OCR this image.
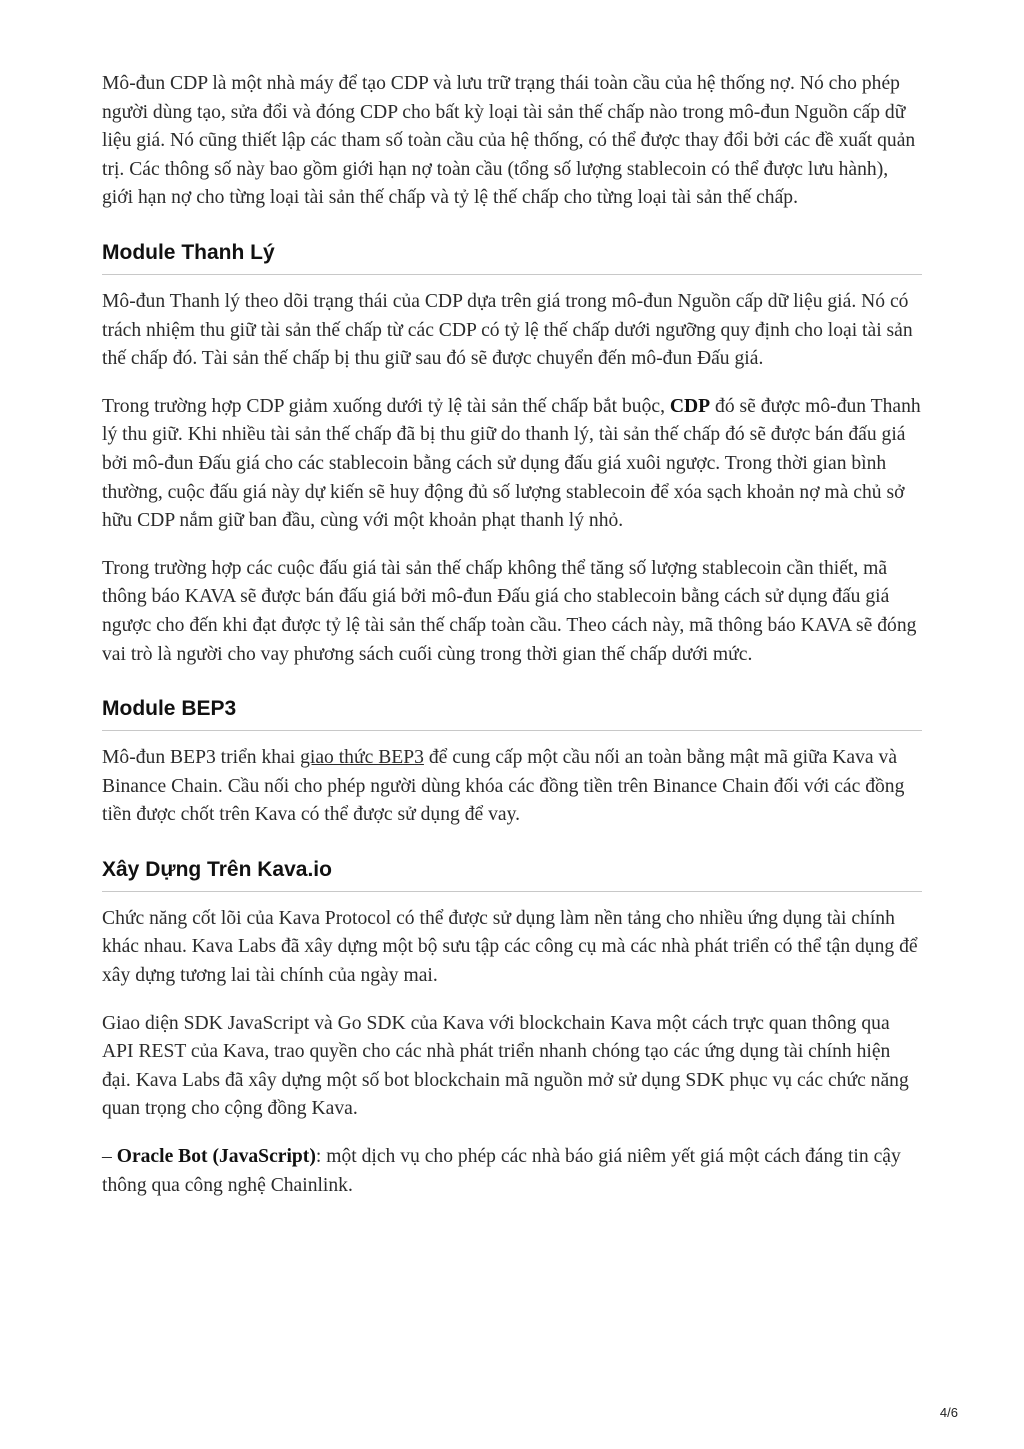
Mô-đun CDP là một nhà máy để tạo CDP và lưu trữ trạng thái toàn cầu của hệ thống nợ. Nó cho phép người dùng tạo, sửa đổi và đóng CDP cho bất kỳ loại tài sản thế chấp nào trong mô-đun Nguồn cấp dữ liệu giá. Nó cũng thiết lập các tham số toàn cầu của hệ thống, có thể được thay đổi bởi các đề xuất quản trị. Các thông số này bao gồm giới hạn nợ toàn cầu (tổng số lượng stablecoin có thể được lưu hành), giới hạn nợ cho từng loại tài sản thế chấp và tỷ lệ thế chấp cho từng loại tài sản thế chấp.

Module Thanh Lý

Mô-đun Thanh lý theo dõi trạng thái của CDP dựa trên giá trong mô-đun Nguồn cấp dữ liệu giá. Nó có trách nhiệm thu giữ tài sản thế chấp từ các CDP có tỷ lệ thế chấp dưới ngưỡng quy định cho loại tài sản thế chấp đó. Tài sản thế chấp bị thu giữ sau đó sẽ được chuyển đến mô-đun Đấu giá.

Trong trường hợp CDP giảm xuống dưới tỷ lệ tài sản thế chấp bắt buộc, CDP đó sẽ được mô-đun Thanh lý thu giữ. Khi nhiều tài sản thế chấp đã bị thu giữ do thanh lý, tài sản thế chấp đó sẽ được bán đấu giá bởi mô-đun Đấu giá cho các stablecoin bằng cách sử dụng đấu giá xuôi ngược. Trong thời gian bình thường, cuộc đấu giá này dự kiến sẽ huy động đủ số lượng stablecoin để xóa sạch khoản nợ mà chủ sở hữu CDP nắm giữ ban đầu, cùng với một khoản phạt thanh lý nhỏ.

Trong trường hợp các cuộc đấu giá tài sản thế chấp không thể tăng số lượng stablecoin cần thiết, mã thông báo KAVA sẽ được bán đấu giá bởi mô-đun Đấu giá cho stablecoin bằng cách sử dụng đấu giá ngược cho đến khi đạt được tỷ lệ tài sản thế chấp toàn cầu. Theo cách này, mã thông báo KAVA sẽ đóng vai trò là người cho vay phương sách cuối cùng trong thời gian thế chấp dưới mức.

Module BEP3

Mô-đun BEP3 triển khai giao thức BEP3 để cung cấp một cầu nối an toàn bằng mật mã giữa Kava và Binance Chain. Cầu nối cho phép người dùng khóa các đồng tiền trên Binance Chain đối với các đồng tiền được chốt trên Kava có thể được sử dụng để vay.

Xây Dựng Trên Kava.io

Chức năng cốt lõi của Kava Protocol có thể được sử dụng làm nền tảng cho nhiều ứng dụng tài chính khác nhau. Kava Labs đã xây dựng một bộ sưu tập các công cụ mà các nhà phát triển có thể tận dụng để xây dựng tương lai tài chính của ngày mai.

Giao diện SDK JavaScript và Go SDK của Kava với blockchain Kava một cách trực quan thông qua API REST của Kava, trao quyền cho các nhà phát triển nhanh chóng tạo các ứng dụng tài chính hiện đại. Kava Labs đã xây dựng một số bot blockchain mã nguồn mở sử dụng SDK phục vụ các chức năng quan trọng cho cộng đồng Kava.

– Oracle Bot (JavaScript): một dịch vụ cho phép các nhà báo giá niêm yết giá một cách đáng tin cậy thông qua công nghệ Chainlink.

4/6
